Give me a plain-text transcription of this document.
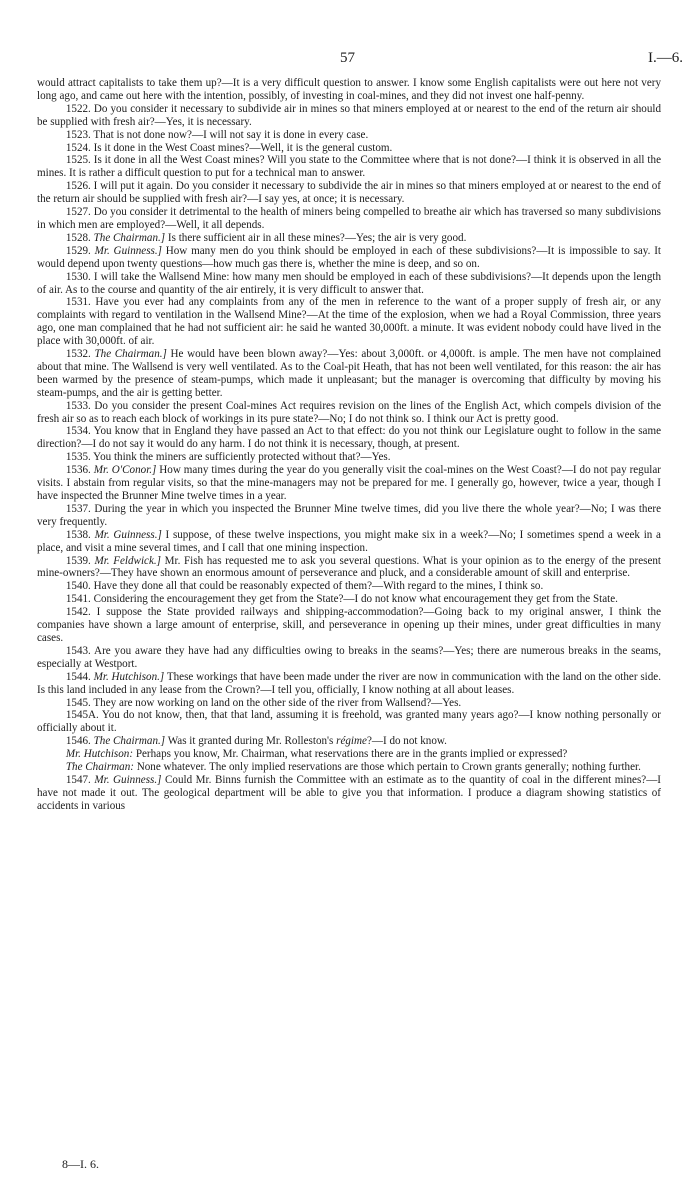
57	I.—6.

would attract capitalists to take them up?—It is a very difficult question to answer. I know some English capitalists were out here not very long ago, and came out here with the intention, possibly, of investing in coal-mines, and they did not invest one half-penny.

1522. Do you consider it necessary to subdivide air in mines so that miners employed at or nearest to the end of the return air should be supplied with fresh air?—Yes, it is necessary.

1523. That is not done now?—I will not say it is done in every case.

1524. Is it done in the West Coast mines?—Well, it is the general custom.

1525. Is it done in all the West Coast mines? Will you state to the Committee where that is not done?—I think it is observed in all the mines. It is rather a difficult question to put for a technical man to answer.

1526. I will put it again. Do you consider it necessary to subdivide the air in mines so that miners employed at or nearest to the end of the return air should be supplied with fresh air?—I say yes, at once; it is necessary.

1527. Do you consider it detrimental to the health of miners being compelled to breathe air which has traversed so many subdivisions in which men are employed?—Well, it all depends.

1528. The Chairman.] Is there sufficient air in all these mines?—Yes; the air is very good.

1529. Mr. Guinness.] How many men do you think should be employed in each of these subdivisions?—It is impossible to say. It would depend upon twenty questions—how much gas there is, whether the mine is deep, and so on.

1530. I will take the Wallsend Mine: how many men should be employed in each of these subdivisions?—It depends upon the length of air. As to the course and quantity of the air entirely, it is very difficult to answer that.

1531. Have you ever had any complaints from any of the men in reference to the want of a proper supply of fresh air, or any complaints with regard to ventilation in the Wallsend Mine?—At the time of the explosion, when we had a Royal Commission, three years ago, one man complained that he had not sufficient air: he said he wanted 30,000ft. a minute. It was evident nobody could have lived in the place with 30,000ft. of air.

1532. The Chairman.] He would have been blown away?—Yes: about 3,000ft. or 4,000ft. is ample. The men have not complained about that mine. The Wallsend is very well ventilated. As to the Coal-pit Heath, that has not been well ventilated, for this reason: the air has been warmed by the presence of steam-pumps, which made it unpleasant; but the manager is overcoming that difficulty by moving his steam-pumps, and the air is getting better.

1533. Do you consider the present Coal-mines Act requires revision on the lines of the English Act, which compels division of the fresh air so as to reach each block of workings in its pure state?—No; I do not think so. I think our Act is pretty good.

1534. You know that in England they have passed an Act to that effect: do you not think our Legislature ought to follow in the same direction?—I do not say it would do any harm. I do not think it is necessary, though, at present.

1535. You think the miners are sufficiently protected without that?—Yes.

1536. Mr. O'Conor.] How many times during the year do you generally visit the coal-mines on the West Coast?—I do not pay regular visits. I abstain from regular visits, so that the mine-managers may not be prepared for me. I generally go, however, twice a year, though I have inspected the Brunner Mine twelve times in a year.

1537. During the year in which you inspected the Brunner Mine twelve times, did you live there the whole year?—No; I was there very frequently.

1538. Mr. Guinness.] I suppose, of these twelve inspections, you might make six in a week?—No; I sometimes spend a week in a place, and visit a mine several times, and I call that one mining inspection.

1539. Mr. Feldwick.] Mr. Fish has requested me to ask you several questions. What is your opinion as to the energy of the present mine-owners?—They have shown an enormous amount of perseverance and pluck, and a considerable amount of skill and enterprise.

1540. Have they done all that could be reasonably expected of them?—With regard to the mines, I think so.

1541. Considering the encouragement they get from the State?—I do not know what encouragement they get from the State.

1542. I suppose the State provided railways and shipping-accommodation?—Going back to my original answer, I think the companies have shown a large amount of enterprise, skill, and perseverance in opening up their mines, under great difficulties in many cases.

1543. Are you aware they have had any difficulties owing to breaks in the seams?—Yes; there are numerous breaks in the seams, especially at Westport.

1544. Mr. Hutchison.] These workings that have been made under the river are now in communication with the land on the other side. Is this land included in any lease from the Crown?—I tell you, officially, I know nothing at all about leases.

1545. They are now working on land on the other side of the river from Wallsend?—Yes.

1545A. You do not know, then, that that land, assuming it is freehold, was granted many years ago?—I know nothing personally or officially about it.

1546. The Chairman.] Was it granted during Mr. Rolleston's régime?—I do not know.

Mr. Hutchison: Perhaps you know, Mr. Chairman, what reservations there are in the grants implied or expressed?

The Chairman: None whatever. The only implied reservations are those which pertain to Crown grants generally; nothing further.

1547. Mr. Guinness.] Could Mr. Binns furnish the Committee with an estimate as to the quantity of coal in the different mines?—I have not made it out. The geological department will be able to give you that information. I produce a diagram showing statistics of accidents in various

8—I. 6.
